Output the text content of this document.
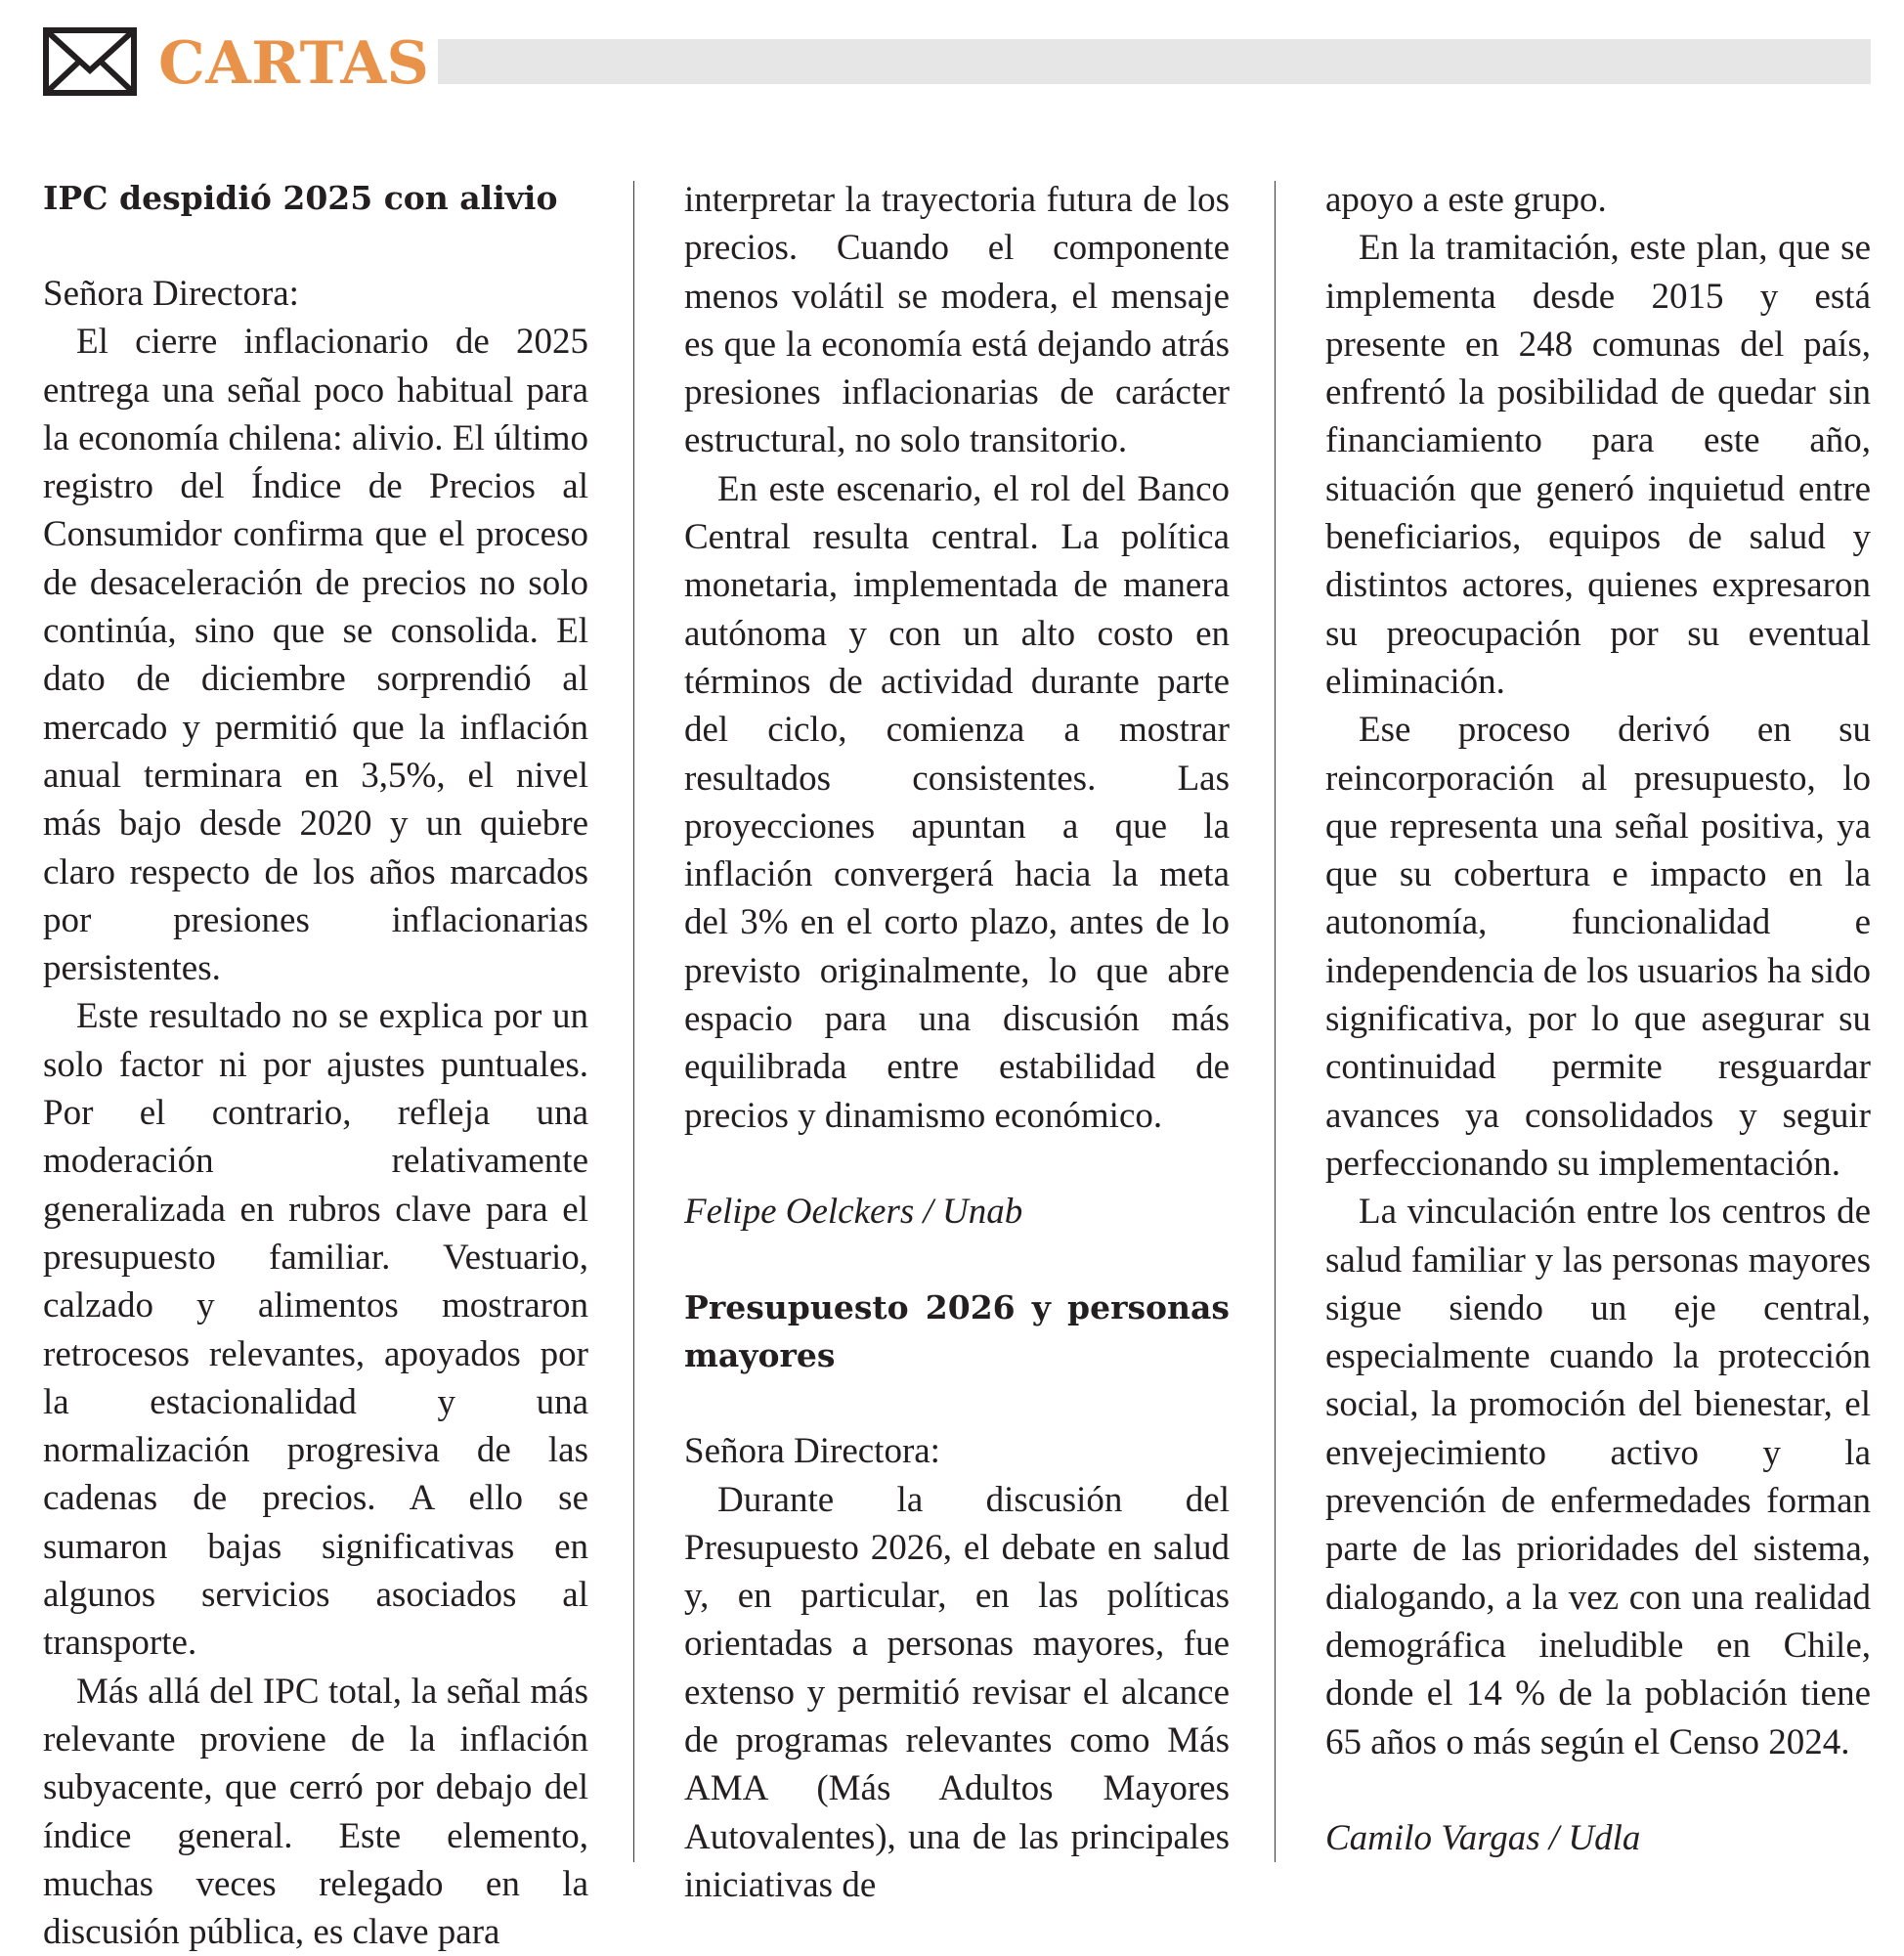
CARTAS

IPC despidió 2025 con alivio

Señora Directora:

El cierre inflacionario de 2025 entrega una señal poco habitual para la economía chilena: alivio. El último registro del Índice de Precios al Consumidor confirma que el proceso de desaceleración de precios no solo continúa, sino que se consolida. El dato de diciembre sorprendió al mercado y permitió que la inflación anual terminara en 3,5%, el nivel más bajo desde 2020 y un quiebre claro respecto de los años marcados por presiones inflacionarias persistentes.

Este resultado no se explica por un solo factor ni por ajustes puntuales. Por el contrario, refleja una moderación relativamente generalizada en rubros clave para el presupuesto familiar. Vestuario, calzado y alimentos mostraron retrocesos relevantes, apoyados por la estacionalidad y una normalización progresiva de las cadenas de precios. A ello se sumaron bajas significativas en algunos servicios asociados al transporte.

Más allá del IPC total, la señal más relevante proviene de la inflación subyacente, que cerró por debajo del índice general. Este elemento, muchas veces relegado en la discusión pública, es clave para

interpretar la trayectoria futura de los precios. Cuando el componente menos volátil se modera, el mensaje es que la economía está dejando atrás presiones inflacionarias de carácter estructural, no solo transitorio.

En este escenario, el rol del Banco Central resulta central. La política monetaria, implementada de manera autónoma y con un alto costo en términos de actividad durante parte del ciclo, comienza a mostrar resultados consistentes. Las proyecciones apuntan a que la inflación convergerá hacia la meta del 3% en el corto plazo, antes de lo previsto originalmente, lo que abre espacio para una discusión más equilibrada entre estabilidad de precios y dinamismo económico.

Felipe Oelckers / Unab

Presupuesto 2026 y personas mayores

Señora Directora:

Durante la discusión del Presupuesto 2026, el debate en salud y, en particular, en las políticas orientadas a personas mayores, fue extenso y permitió revisar el alcance de programas relevantes como Más AMA (Más Adultos Mayores Autovalentes), una de las principales iniciativas de

apoyo a este grupo.

En la tramitación, este plan, que se implementa desde 2015 y está presente en 248 comunas del país, enfrentó la posibilidad de quedar sin financiamiento para este año, situación que generó inquietud entre beneficiarios, equipos de salud y distintos actores, quienes expresaron su preocupación por su eventual eliminación.

Ese proceso derivó en su reincorporación al presupuesto, lo que representa una señal positiva, ya que su cobertura e impacto en la autonomía, funcionalidad e independencia de los usuarios ha sido significativa, por lo que asegurar su continuidad permite resguardar avances ya consolidados y seguir perfeccionando su implementación.

La vinculación entre los centros de salud familiar y las personas mayores sigue siendo un eje central, especialmente cuando la protección social, la promoción del bienestar, el envejecimiento activo y la prevención de enfermedades forman parte de las prioridades del sistema, dialogando, a la vez con una realidad demográfica ineludible en Chile, donde el 14 % de la población tiene 65 años o más según el Censo 2024.

Camilo Vargas / Udla
